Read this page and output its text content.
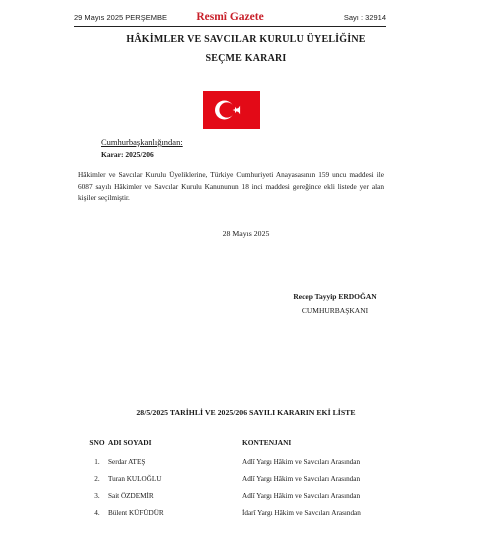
29 Mayıs 2025 PERŞEMBE	Resmî Gazete	Sayı : 32914
HÂKİMLER VE SAVCILAR KURULU ÜYELİĞİNE
SEÇME KARARI
Cumhurbaşkanlığından:
Karar: 2025/206
Hâkimler ve Savcılar Kurulu Üyeliklerine, Türkiye Cumhuriyeti Anayasasının 159 uncu maddesi ile 6087 sayılı Hâkimler ve Savcılar Kurulu Kanununun 18 inci maddesi gereğince ekli listede yer alan kişiler seçilmiştir.
28 Mayıs 2025
Recep Tayyip ERDOĞAN
CUMHURBAŞKANI
28/5/2025 TARİHLİ VE 2025/206 SAYILI KARARIN EKİ LİSTE
SNO ADI SOYADI	KONTENJANI
1.	Serdar ATEŞ	Adlî Yargı Hâkim ve Savcıları Arasından
2.	Turan KULOĞLU	Adlî Yargı Hâkim ve Savcıları Arasından
3.	Sait ÖZDEMİR	Adlî Yargı Hâkim ve Savcıları Arasından
4.	Bülent KÜFÜDÜR	İdarî Yargı Hâkim ve Savcıları Arasından
